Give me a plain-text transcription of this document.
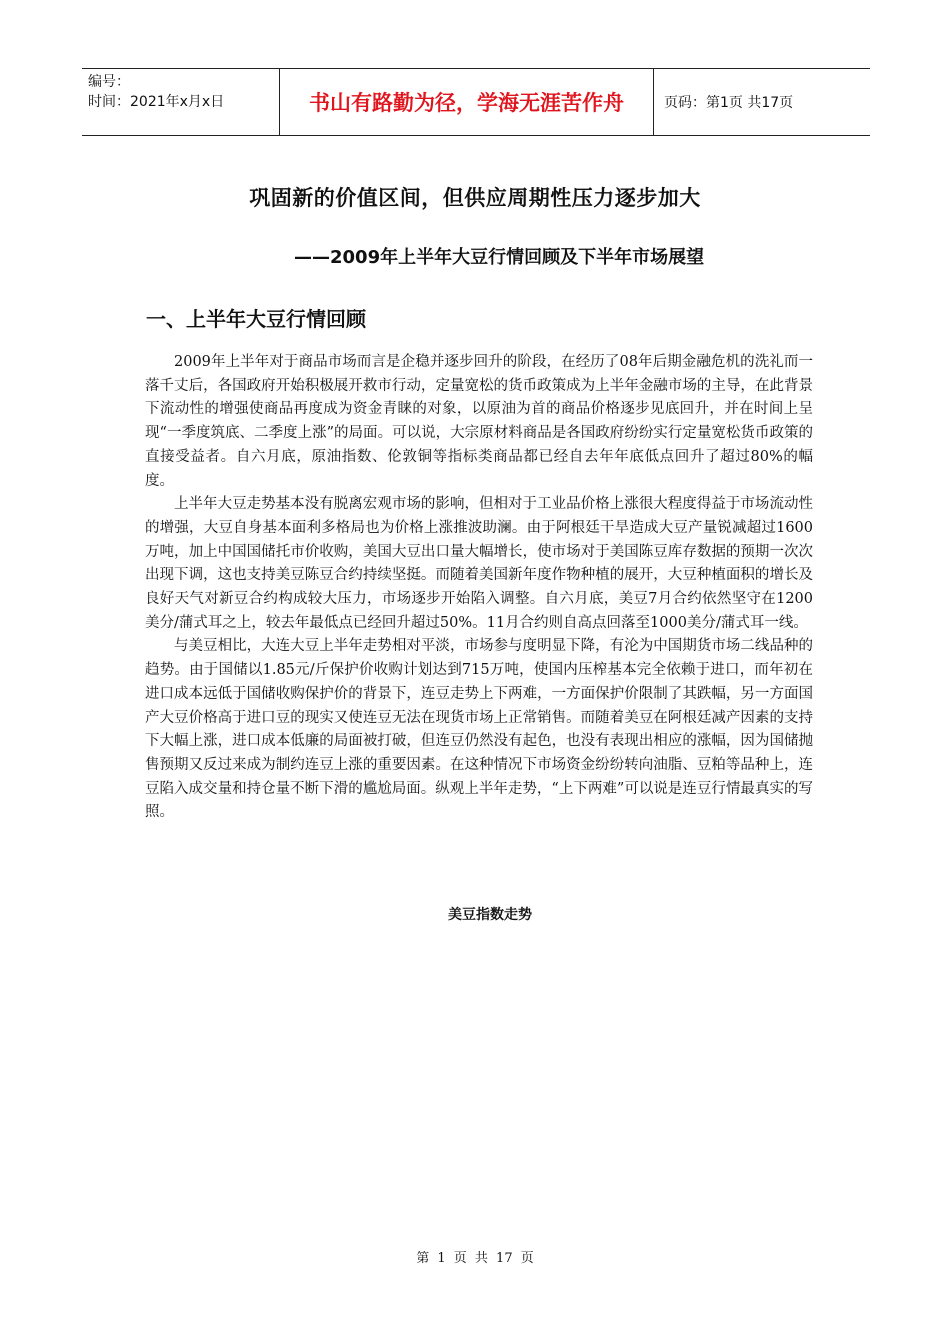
编号：
时间：2021年x月x日	书山有路勤为径，学海无涯苦作舟	页码：第1页 共17页
巩固新的价值区间，但供应周期性压力逐步加大
——2009年上半年大豆行情回顾及下半年市场展望
一、上半年大豆行情回顾

2009年上半年对于商品市场而言是企稳并逐步回升的阶段，在经历了08年后期金融危机的洗礼而一落千丈后，各国政府开始积极展开救市行动，定量宽松的货币政策成为上半年金融市场的主导，在此背景下流动性的增强使商品再度成为资金青睐的对象，以原油为首的商品价格逐步见底回升，并在时间上呈现“一季度筑底、二季度上涨”的局面。可以说，大宗原材料商品是各国政府纷纷实行定量宽松货币政策的直接受益者。自六月底，原油指数、伦敦铜等指标类商品都已经自去年年底低点回升了超过80%的幅度。

上半年大豆走势基本没有脱离宏观市场的影响，但相对于工业品价格上涨很大程度得益于市场流动性的增强，大豆自身基本面利多格局也为价格上涨推波助澜。由于阿根廷干旱造成大豆产量锐减超过1600万吨，加上中国国储托市价收购，美国大豆出口量大幅增长，使市场对于美国陈豆库存数据的预期一次次出现下调，这也支持美豆陈豆合约持续坚挺。而随着美国新年度作物种植的展开，大豆种植面积的增长及良好天气对新豆合约构成较大压力，市场逐步开始陷入调整。自六月底，美豆7月合约依然坚守在1200美分/蒲式耳之上，较去年最低点已经回升超过50%。11月合约则自高点回落至1000美分/蒲式耳一线。

与美豆相比，大连大豆上半年走势相对平淡，市场参与度明显下降，有沦为中国期货市场二线品种的趋势。由于国储以1.85元/斤保护价收购计划达到715万吨，使国内压榨基本完全依赖于进口，而年初在进口成本远低于国储收购保护价的背景下，连豆走势上下两难，一方面保护价限制了其跌幅，另一方面国产大豆价格高于进口豆的现实又使连豆无法在现货市场上正常销售。而随着美豆在阿根廷减产因素的支持下大幅上涨，进口成本低廉的局面被打破，但连豆仍然没有起色，也没有表现出相应的涨幅，因为国储抛售预期又反过来成为制约连豆上涨的重要因素。在这种情况下市场资金纷纷转向油脂、豆粕等品种上，连豆陷入成交量和持仓量不断下滑的尴尬局面。纵观上半年走势，“上下两难”可以说是连豆行情最真实的写照。

美豆指数走势
第 1 页 共 17 页
